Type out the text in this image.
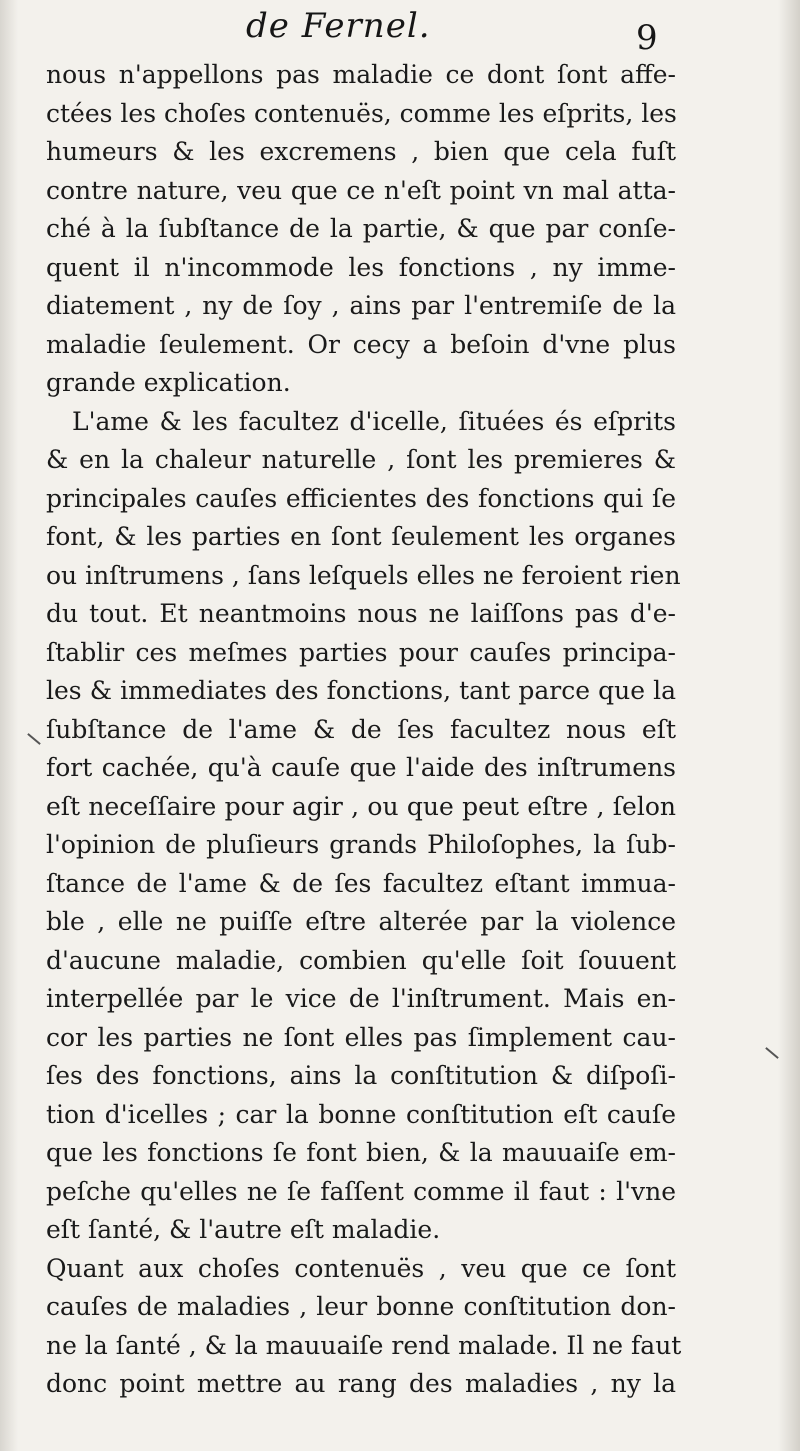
de Fernel.	9
nous n'appellons pas maladie ce dont ſont affe-
ctées les choſes contenuës, comme les eſprits, les
humeurs & les excremens , bien que cela fuſt
contre nature, veu que ce n'eſt point vn mal atta-
ché à la ſubſtance de la partie, & que par conſe-
quent il n'incommode les fonctions , ny imme-
diatement , ny de ſoy , ains par l'entremiſe de la
maladie ſeulement. Or cecy a beſoin d'vne plus
grande explication.
L'ame & les facultez d'icelle, ſituées és eſprits
& en la chaleur naturelle , ſont les premieres &
principales cauſes efficientes des fonctions qui ſe
font, & les parties en ſont ſeulement les organes
ou inſtrumens , ſans leſquels elles ne feroient rien
du tout. Et neantmoins nous ne laiſſons pas d'e-
ſtablir ces meſmes parties pour cauſes principa-
les & immediates des fonctions, tant parce que la
ſubſtance de l'ame & de ſes facultez nous eſt
fort cachée, qu'à cauſe que l'aide des inſtrumens
eſt neceſſaire pour agir , ou que peut eſtre , ſelon
l'opinion de pluſieurs grands Philoſophes, la ſub-
ſtance de l'ame & de ſes facultez eſtant immua-
ble , elle ne puiſſe eſtre alterée par la violence
d'aucune maladie, combien qu'elle ſoit ſouuent
interpellée par le vice de l'inſtrument. Mais en-
cor les parties ne ſont elles pas ſimplement cau-
ſes des fonctions, ains la conſtitution & diſpoſi-
tion d'icelles ; car la bonne conſtitution eſt cauſe
que les fonctions ſe font bien, & la mauuaiſe em-
peſche qu'elles ne ſe faſſent comme il faut : l'vne
eſt ſanté, & l'autre eſt maladie.
Quant aux choſes contenuës , veu que ce ſont
cauſes de maladies , leur bonne conſtitution don-
ne la ſanté , & la mauuaiſe rend malade. Il ne faut
donc point mettre au rang des maladies , ny la
